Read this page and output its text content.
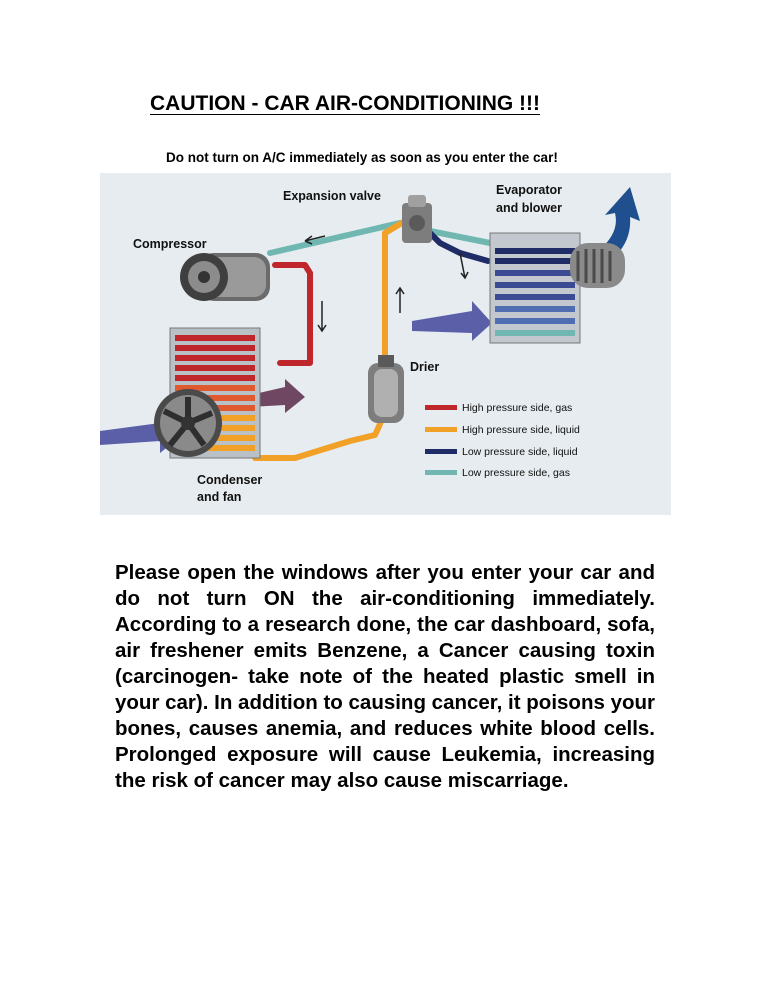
CAUTION - CAR AIR-CONDITIONING !!!
Do not turn on A/C immediately as soon as you enter the car!
Expansion valve	Evaporator
and blower
Compressor
Drier
Condenser
and fan
High pressure side, gas
High pressure side, liquid
Low pressure side, liquid
Low pressure side, gas
Please open the windows after you enter your car and do not turn ON the air-conditioning immediately. According to a research done, the car dashboard, sofa, air freshener emits Benzene, a Cancer causing toxin (carcinogen- take note of the heated plastic smell in your car). In addition to causing cancer, it poisons your bones, causes anemia, and reduces white blood cells. Prolonged exposure will cause Leukemia, increasing the risk of cancer may also cause miscarriage.
